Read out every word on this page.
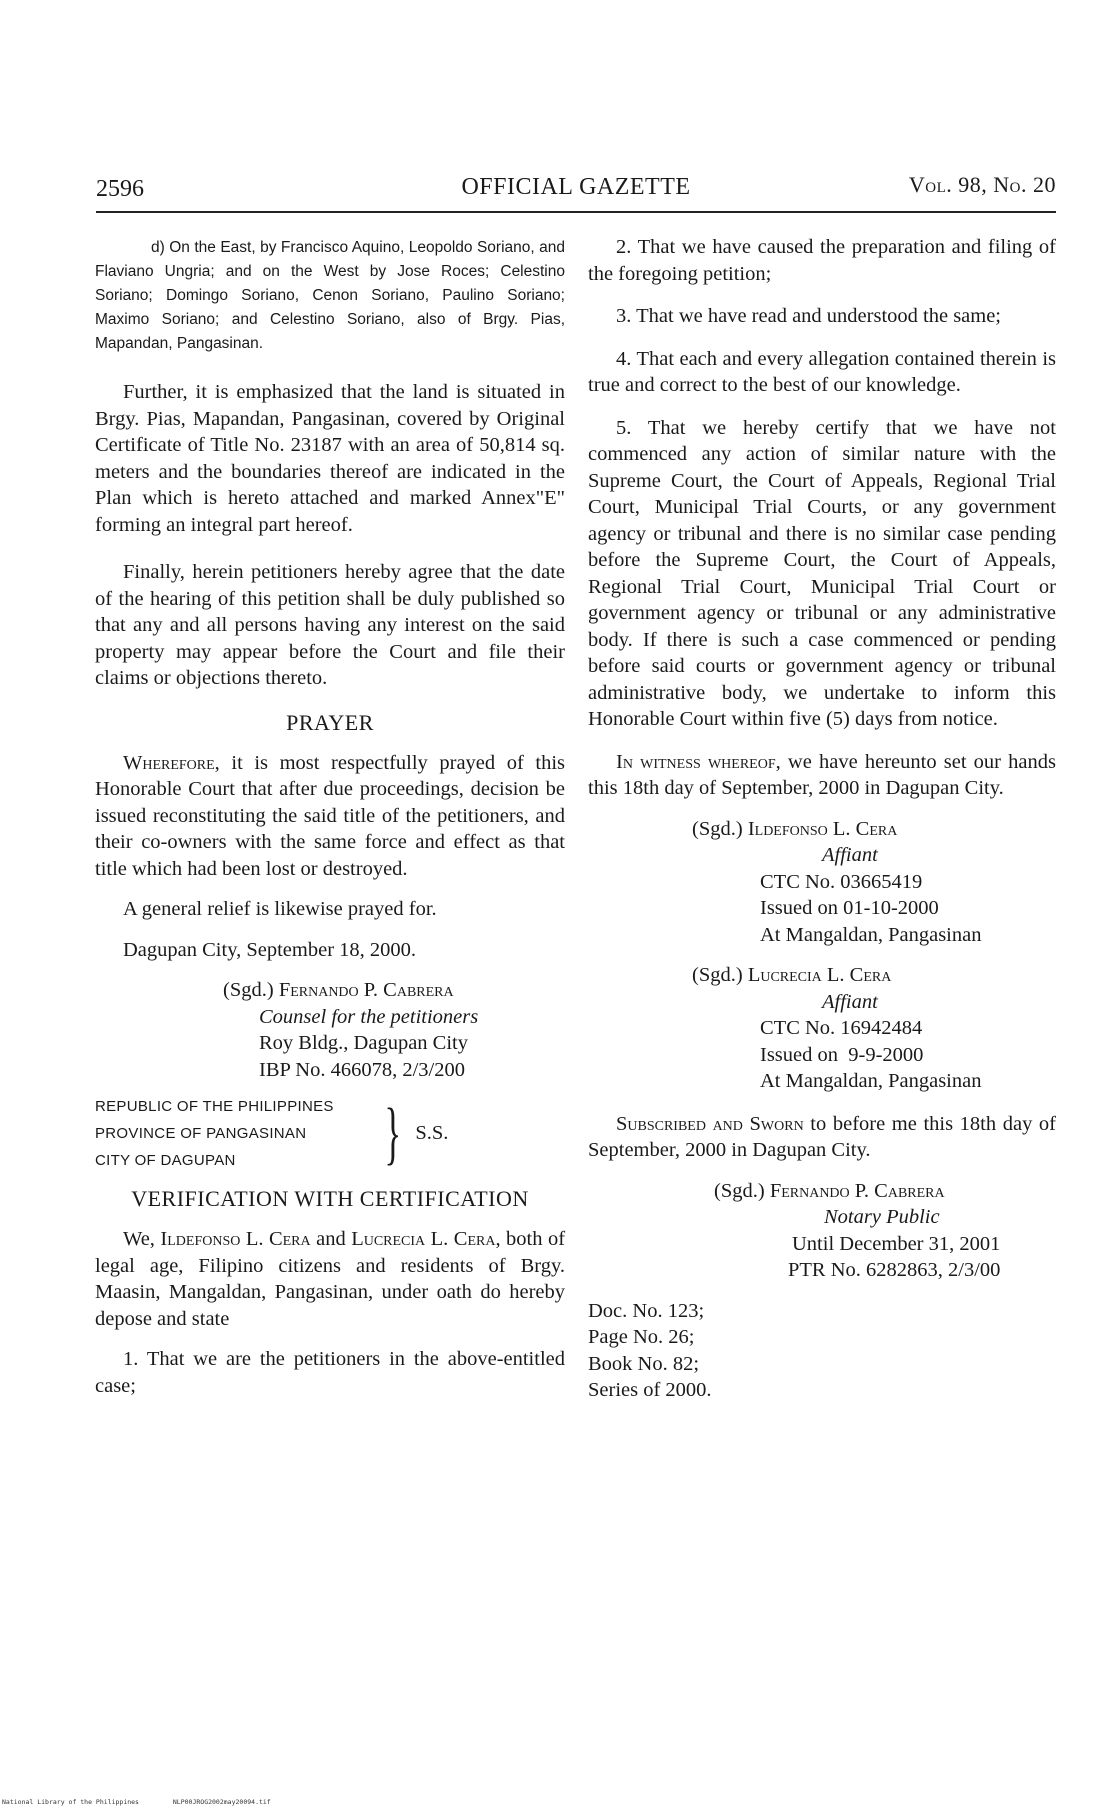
2596	OFFICIAL GAZETTE	Vol. 98, No. 20

d) On the East, by Francisco Aquino, Leopoldo Soriano, and Flaviano Ungria; and on the West by Jose Roces; Celestino Soriano; Domingo Soriano, Cenon Soriano, Paulino Soriano; Maximo Soriano; and Celestino Soriano, also of Brgy. Pias, Mapandan, Pangasinan.

Further, it is emphasized that the land is situated in Brgy. Pias, Mapandan, Pangasinan, covered by Original Certificate of Title No. 23187 with an area of 50,814 sq. meters and the boundaries thereof are indicated in the Plan which is hereto attached and marked Annex"E" forming an integral part hereof.

Finally, herein petitioners hereby agree that the date of the hearing of this petition shall be duly published so that any and all persons having any interest on the said property may appear before the Court and file their claims or objections thereto.

PRAYER

Wherefore, it is most respectfully prayed of this Honorable Court that after due proceedings, decision be issued reconstituting the said title of the petitioners, and their co-owners with the same force and effect as that title which had been lost or destroyed.

A general relief is likewise prayed for.

Dagupan City, September 18, 2000.

(Sgd.) Fernando P. Cabrera
Counsel for the petitioners
Roy Bldg., Dagupan City
IBP No. 466078, 2/3/200
REPUBLIC OF THE PHILIPPINES
PROVINCE OF PANGASINAN
CITY OF DAGUPAN	} S.S.
VERIFICATION WITH CERTIFICATION

We, Ildefonso L. Cera and Lucrecia L. Cera, both of legal age, Filipino citizens and residents of Brgy. Maasin, Mangaldan, Pangasinan, under oath do hereby depose and state

1. That we are the petitioners in the above-entitled case;

2. That we have caused the preparation and filing of the foregoing petition;

3. That we have read and understood the same;

4. That each and every allegation contained therein is true and correct to the best of our knowledge.

5. That we hereby certify that we have not commenced any action of similar nature with the Supreme Court, the Court of Appeals, Regional Trial Court, Municipal Trial Courts, or any government agency or tribunal and there is no similar case pending before the Supreme Court, the Court of Appeals, Regional Trial Court, Municipal Trial Court or government agency or tribunal or any administrative body. If there is such a case commenced or pending before said courts or government agency or tribunal administrative body, we undertake to inform this Honorable Court within five (5) days from notice.

In witness whereof, we have hereunto set our hands this 18th day of September, 2000 in Dagupan City.

(Sgd.) Ildefonso L. Cera
Affiant
CTC No. 03665419
Issued on 01-10-2000
At Mangaldan, Pangasinan
(Sgd.) Lucrecia L. Cera
Affiant
CTC No. 16942484
Issued on  9-9-2000
At Mangaldan, Pangasinan

Subscribed and Sworn to before me this 18th day of September, 2000 in Dagupan City.

(Sgd.) Fernando P. Cabrera
Notary Public
Until December 31, 2001
PTR No. 6282863, 2/3/00
Doc. No. 123;
Page No. 26;
Book No. 82;
Series of 2000.
National Library of the Philippines	NLP00JROG2002may20094.tif
